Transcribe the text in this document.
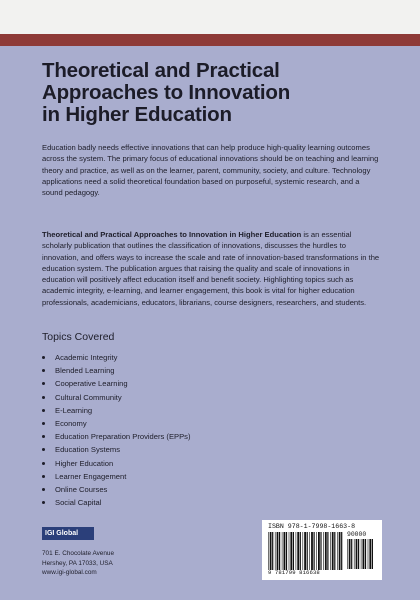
Theoretical and Practical
Approaches to Innovation
in Higher Education
Education badly needs effective innovations that can help produce high-quality learning outcomes across the system. The primary focus of educational innovations should be on teaching and learning theory and practice, as well as on the learner, parent, community, society, and culture. Technology applications need a solid theoretical foundation based on purposeful, systemic research, and a sound pedagogy.
Theoretical and Practical Approaches to Innovation in Higher Education is an essential scholarly publication that outlines the classification of innovations, discusses the hurdles to innovation, and offers ways to increase the scale and rate of innovation-based transformations in the education system. The publication argues that raising the quality and scale of innovations in education will positively affect education itself and benefit society. Highlighting topics such as academic integrity, e-learning, and learner engagement, this book is vital for higher education professionals, academicians, educators, librarians, course designers, researchers, and students.
Topics Covered
Academic Integrity
Blended Learning
Cooperative Learning
Cultural Community
E-Learning
Economy
Education Preparation Providers (EPPs)
Education Systems
Higher Education
Learner Engagement
Online Courses
Social Capital
IGI Global
701 E. Chocolate Avenue
Hershey, PA 17033, USA
www.igi-global.com
ISBN 978-1-7998-1663-8
90000
9 781799 816638
